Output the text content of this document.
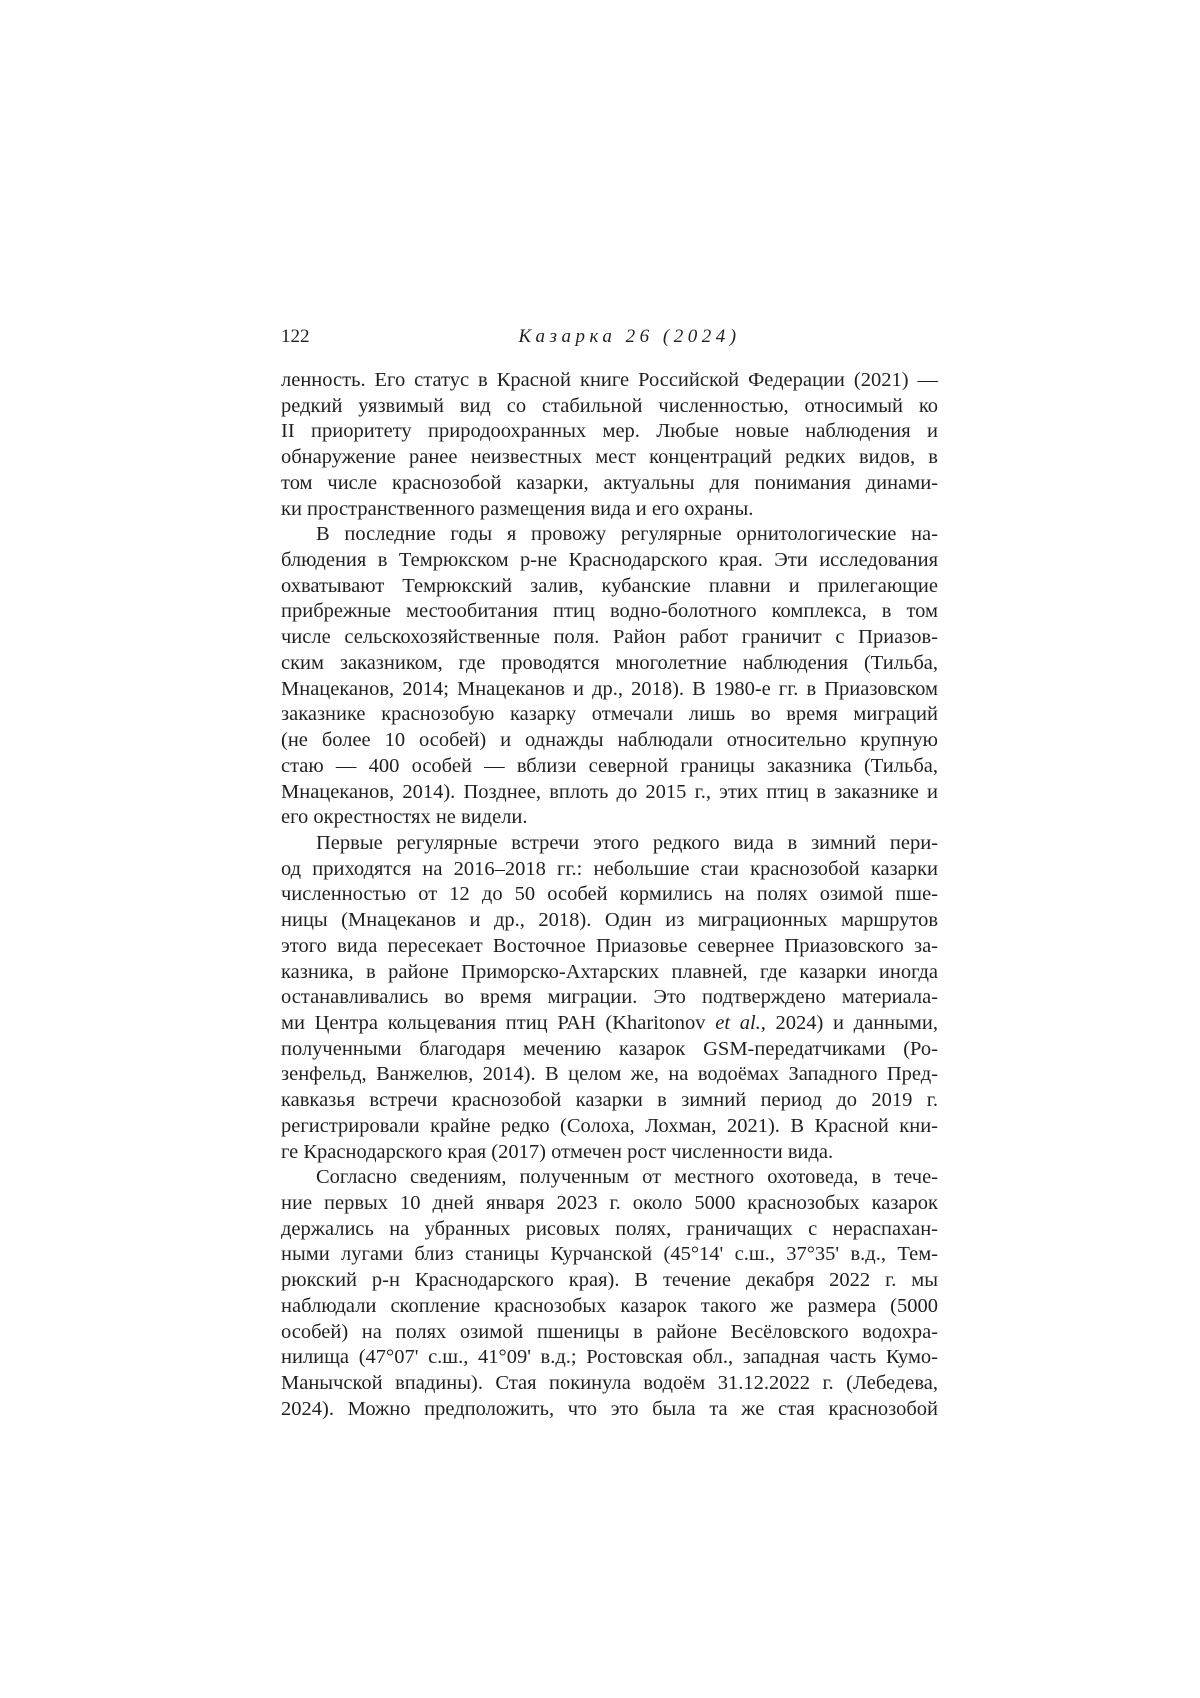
122	Казарка 26 (2024)
ленность. Его статус в Красной книге Российской Федерации (2021) —
редкий уязвимый вид со стабильной численностью, относимый ко
II приоритету природоохранных мер. Любые новые наблюдения и
обнаружение ранее неизвестных мест концентраций редких видов, в
том числе краснозобой казарки, актуальны для понимания динами-
ки пространственного размещения вида и его охраны.
В последние годы я провожу регулярные орнитологические на-
блюдения в Темрюкском р-не Краснодарского края. Эти исследования
охватывают Темрюкский залив, кубанские плавни и прилегающие
прибрежные местообитания птиц водно-болотного комплекса, в том
числе сельскохозяйственные поля. Район работ граничит с Приазов-
ским заказником, где проводятся многолетние наблюдения (Тильба,
Мнацеканов, 2014; Мнацеканов и др., 2018). В 1980-е гг. в Приазовском
заказнике краснозобую казарку отмечали лишь во время миграций
(не более 10 особей) и однажды наблюдали относительно крупную
стаю — 400 особей — вблизи северной границы заказника (Тильба,
Мнацеканов, 2014). Позднее, вплоть до 2015 г., этих птиц в заказнике и
его окрестностях не видели.
Первые регулярные встречи этого редкого вида в зимний пери-
од приходятся на 2016–2018 гг.: небольшие стаи краснозобой казарки
численностью от 12 до 50 особей кормились на полях озимой пше-
ницы (Мнацеканов и др., 2018). Один из миграционных маршрутов
этого вида пересекает Восточное Приазовье севернее Приазовского за-
казника, в районе Приморско-Ахтарских плавней, где казарки иногда
останавливались во время миграции. Это подтверждено материала-
ми Центра кольцевания птиц РАН (Kharitonov et al., 2024) и данными,
полученными благодаря мечению казарок GSM-передатчиками (Ро-
зенфельд, Ванжелюв, 2014). В целом же, на водоёмах Западного Пред-
кавказья встречи краснозобой казарки в зимний период до 2019 г.
регистрировали крайне редко (Солоха, Лохман, 2021). В Красной кни-
ге Краснодарского края (2017) отмечен рост численности вида.
Согласно сведениям, полученным от местного охотоведа, в тече-
ние первых 10 дней января 2023 г. около 5000 краснозобых казарок
держались на убранных рисовых полях, граничащих с нераспахан-
ными лугами близ станицы Курчанской (45°14' с.ш., 37°35' в.д., Тем-
рюкский р-н Краснодарского края). В течение декабря 2022 г. мы
наблюдали скопление краснозобых казарок такого же размера (5000
особей) на полях озимой пшеницы в районе Весёловского водохра-
нилища (47°07' с.ш., 41°09' в.д.; Ростовская обл., западная часть Кумо-
Манычской впадины). Стая покинула водоём 31.12.2022 г. (Лебедева,
2024). Можно предположить, что это была та же стая краснозобой
